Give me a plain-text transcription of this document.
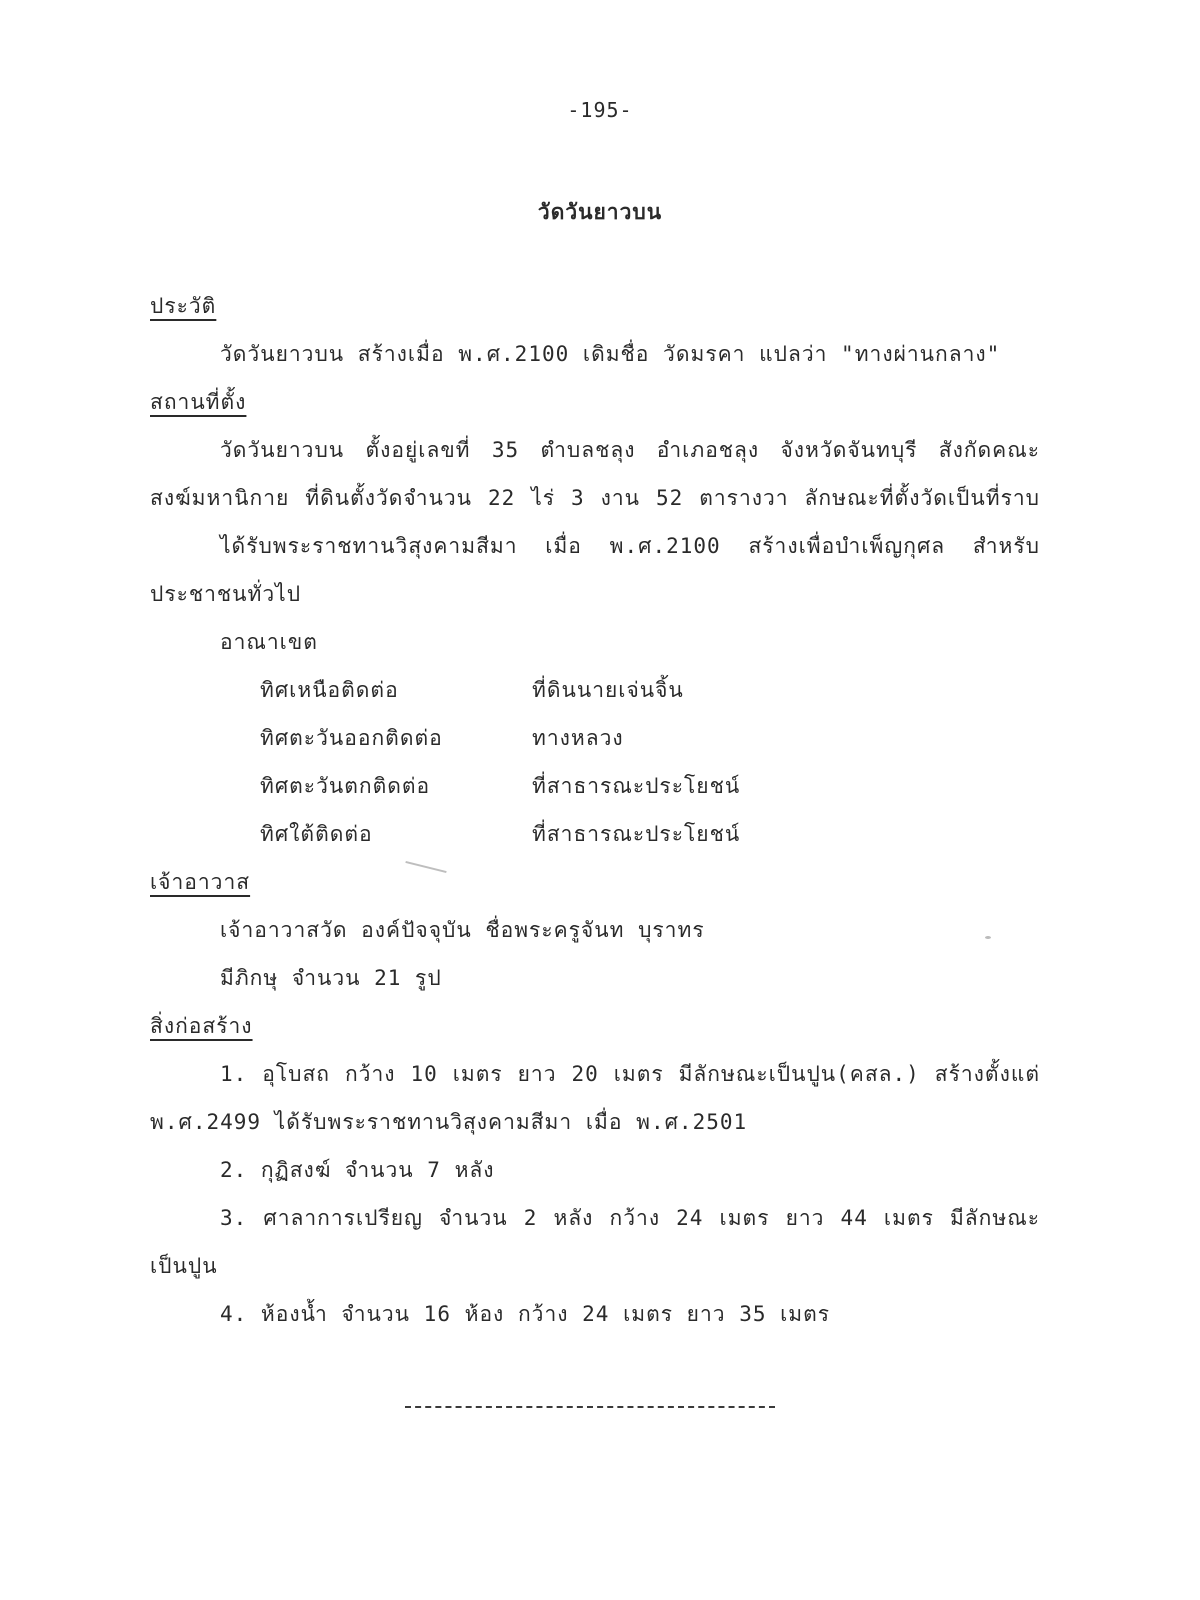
-195-
วัดวันยาวบน
ประวัติ
วัดวันยาวบน สร้างเมื่อ พ.ศ.2100 เดิมชื่อ วัดมรคา แปลว่า "ทางผ่านกลาง"
สถานที่ตั้ง
วัดวันยาวบน ตั้งอยู่เลขที่ 35 ตำบลชลุง อำเภอชลุง จังหวัดจันทบุรี สังกัดคณะ
สงฆ์มหานิกาย ที่ดินตั้งวัดจำนวน 22 ไร่ 3 งาน 52 ตารางวา ลักษณะที่ตั้งวัดเป็นที่ราบ
ได้รับพระราชทานวิสุงคามสีมา เมื่อ พ.ศ.2100 สร้างเพื่อบำเพ็ญกุศล สำหรับ
ประชาชนทั่วไป
อาณาเขต
ทิศเหนือติดต่อ	ที่ดินนายเจ่นจิ้น
ทิศตะวันออกติดต่อ	ทางหลวง
ทิศตะวันตกติดต่อ	ที่สาธารณะประโยชน์
ทิศใต้ติดต่อ	ที่สาธารณะประโยชน์
เจ้าอาวาส
เจ้าอาวาสวัด องค์ปัจจุบัน ชื่อพระครูจันท บุราทร
มีภิกษุ จำนวน 21 รูป
สิ่งก่อสร้าง
1. อุโบสถ กว้าง 10 เมตร ยาว 20 เมตร มีลักษณะเป็นปูน(คสล.) สร้างตั้งแต่
พ.ศ.2499 ได้รับพระราชทานวิสุงคามสีมา เมื่อ พ.ศ.2501
2. กุฏิสงฆ์ จำนวน 7 หลัง
3. ศาลาการเปรียญ จำนวน 2 หลัง กว้าง 24 เมตร ยาว 44 เมตร มีลักษณะ
เป็นปูน
4. ห้องน้ำ จำนวน 16 ห้อง กว้าง 24 เมตร ยาว 35 เมตร
